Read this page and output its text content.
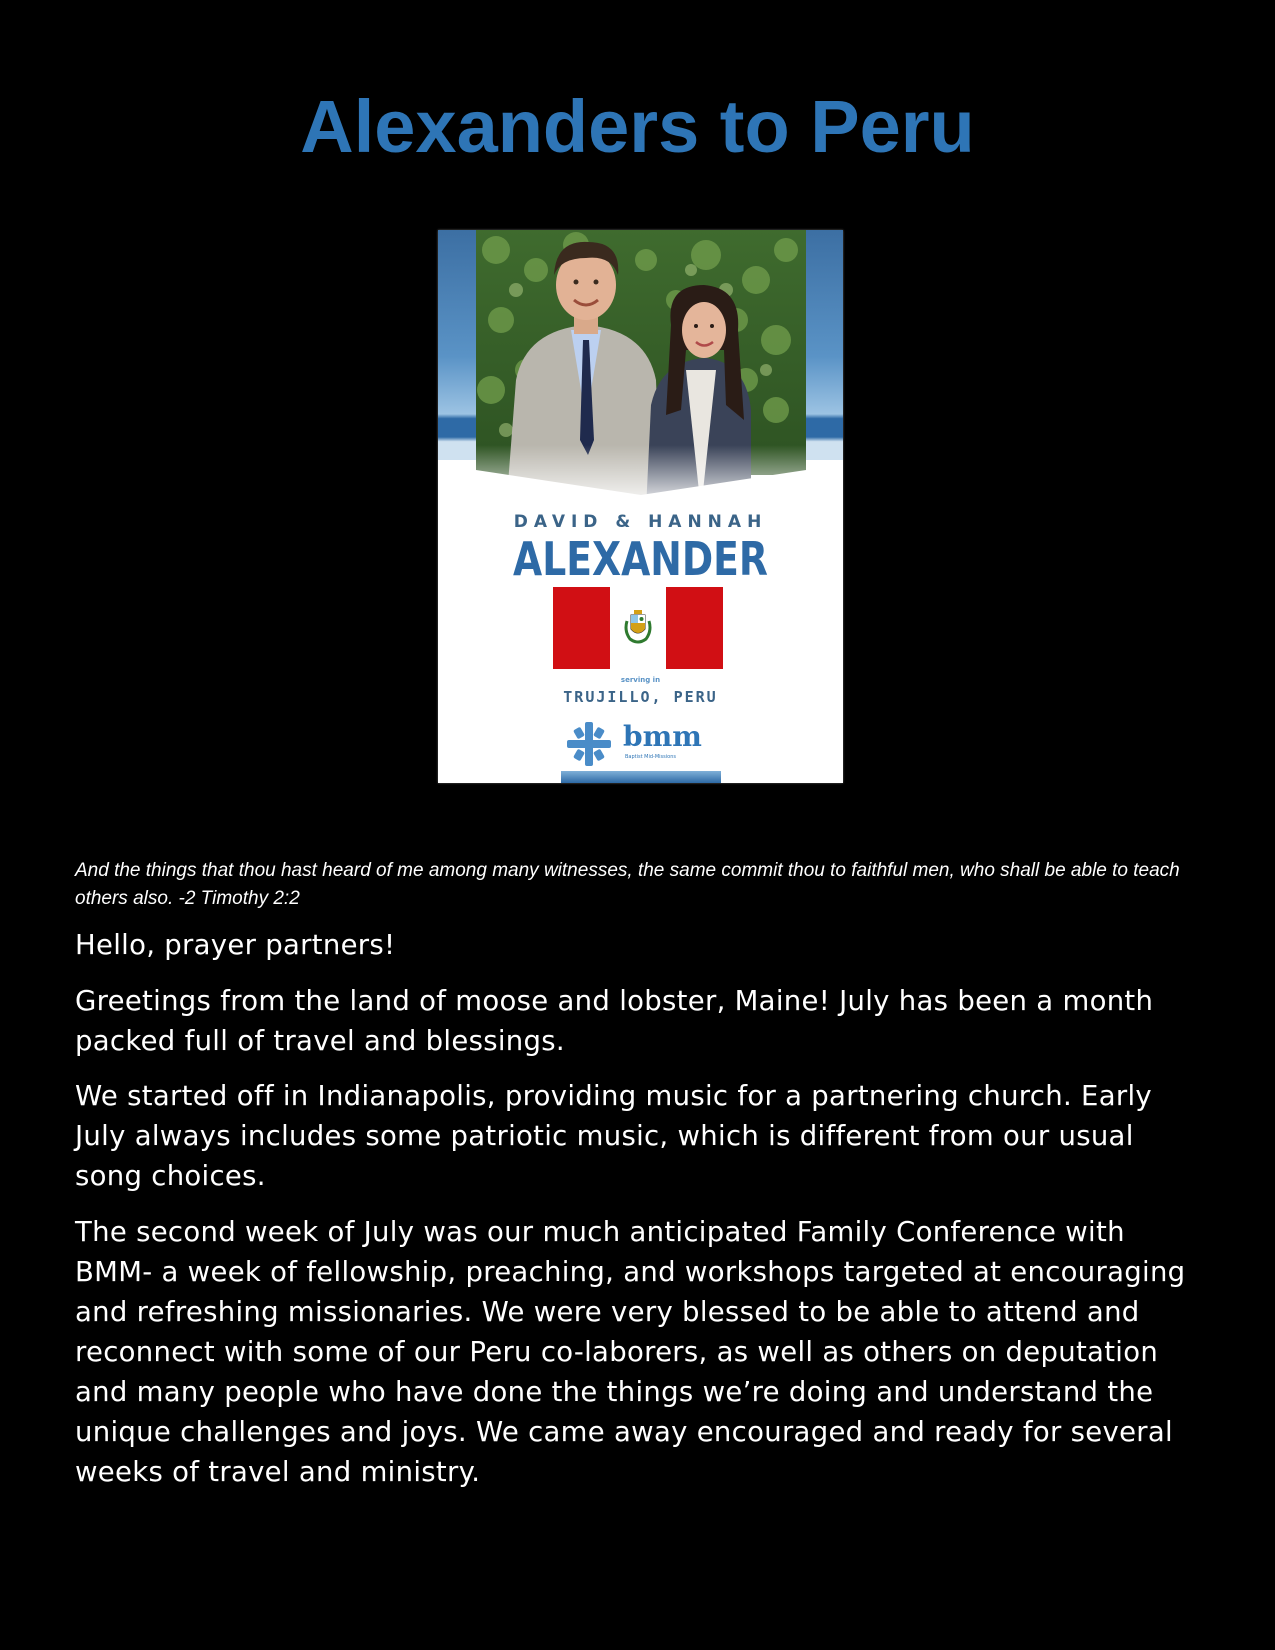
Alexanders to Peru
DAVID & HANNAH
ALEXANDER
serving in
TRUJILLO, PERU
bmm
Baptist Mid-Missions

And the things that thou hast heard of me among many witnesses, the same commit thou to faithful men, who shall be able to teach others also. -2 Timothy 2:2

Hello, prayer partners!

Greetings from the land of moose and lobster, Maine! July has been a month packed full of travel and blessings.

We started off in Indianapolis, providing music for a partnering church. Early July always includes some patriotic music, which is different from our usual song choices.

The second week of July was our much anticipated Family Conference with BMM- a week of fellowship, preaching, and workshops targeted at encouraging and refreshing missionaries. We were very blessed to be able to attend and reconnect with some of our Peru co-laborers, as well as others on deputation and many people who have done the things we’re doing and understand the unique challenges and joys. We came away encouraged and ready for several weeks of travel and ministry.
